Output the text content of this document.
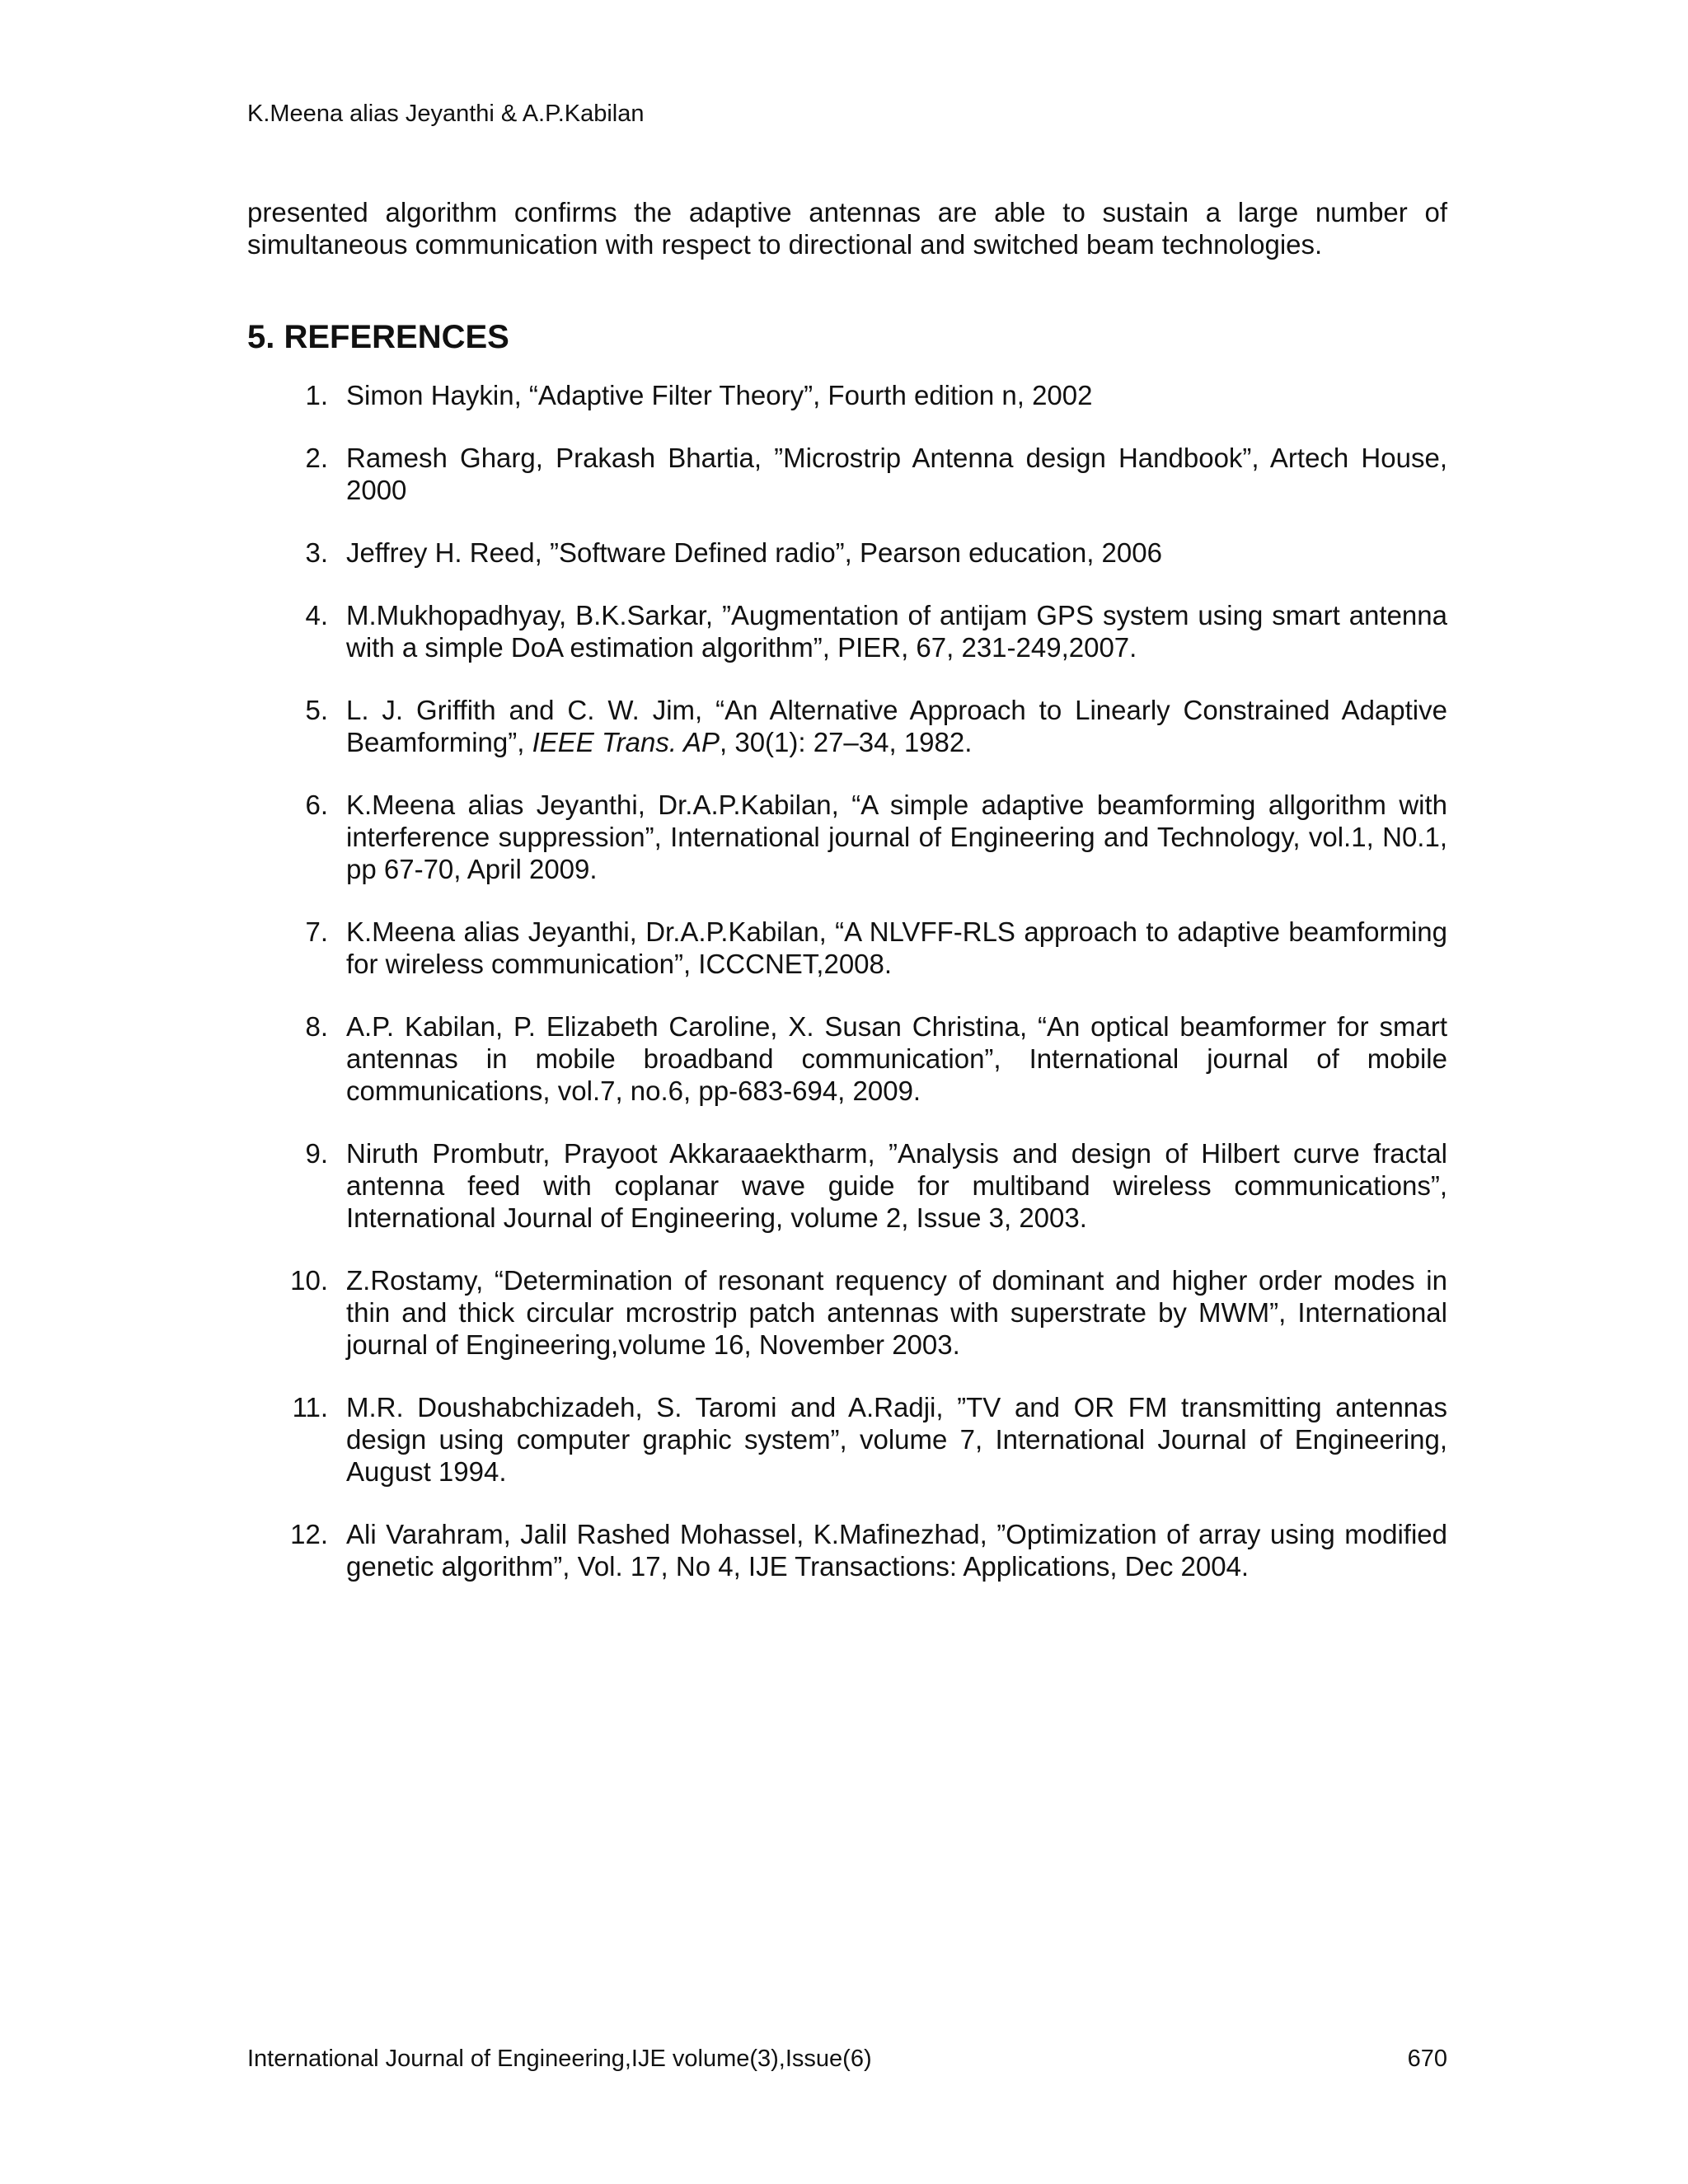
K.Meena alias Jeyanthi & A.P.Kabilan

presented algorithm confirms the adaptive antennas are able to sustain a large number of simultaneous communication with respect to directional and switched beam technologies.

5. REFERENCES
1. Simon Haykin, “Adaptive Filter Theory”, Fourth edition n, 2002
2. Ramesh Gharg, Prakash Bhartia, ”Microstrip Antenna design Handbook”, Artech House, 2000
3. Jeffrey H. Reed, ”Software Defined radio”, Pearson education, 2006
4. M.Mukhopadhyay, B.K.Sarkar, ”Augmentation of antijam GPS system using smart antenna with a simple DoA estimation algorithm”, PIER, 67, 231-249,2007.
5. L. J. Griffith and C. W. Jim, “An Alternative Approach to Linearly Constrained Adaptive Beamforming”, IEEE Trans. AP, 30(1): 27–34, 1982.
6. K.Meena alias Jeyanthi, Dr.A.P.Kabilan, “A simple adaptive beamforming allgorithm with interference suppression”, International journal of Engineering and Technology, vol.1, N0.1, pp 67-70, April 2009.
7. K.Meena alias Jeyanthi, Dr.A.P.Kabilan, “A NLVFF-RLS approach to adaptive beamforming for wireless communication”, ICCCNET,2008.
8. A.P. Kabilan, P. Elizabeth Caroline, X. Susan Christina, “An optical beamformer for smart antennas in mobile broadband communication”, International journal of mobile communications, vol.7, no.6, pp-683-694, 2009.
9. Niruth Prombutr, Prayoot Akkaraaektharm, ”Analysis and design of Hilbert curve fractal antenna feed with coplanar wave guide for multiband wireless communications”, International Journal of Engineering, volume 2, Issue 3, 2003.
10. Z.Rostamy, “Determination of resonant requency of dominant and higher order modes in thin and thick circular mcrostrip patch antennas with superstrate by MWM”, International journal of Engineering,volume 16, November 2003.
11. M.R. Doushabchizadeh, S. Taromi and A.Radji, ”TV and OR FM transmitting antennas design using computer graphic system”, volume 7, International Journal of Engineering, August 1994.
12. Ali Varahram, Jalil Rashed Mohassel, K.Mafinezhad, ”Optimization of array using modified genetic algorithm”, Vol. 17, No 4, IJE Transactions: Applications, Dec 2004.
International Journal of Engineering,IJE volume(3),Issue(6)	670
